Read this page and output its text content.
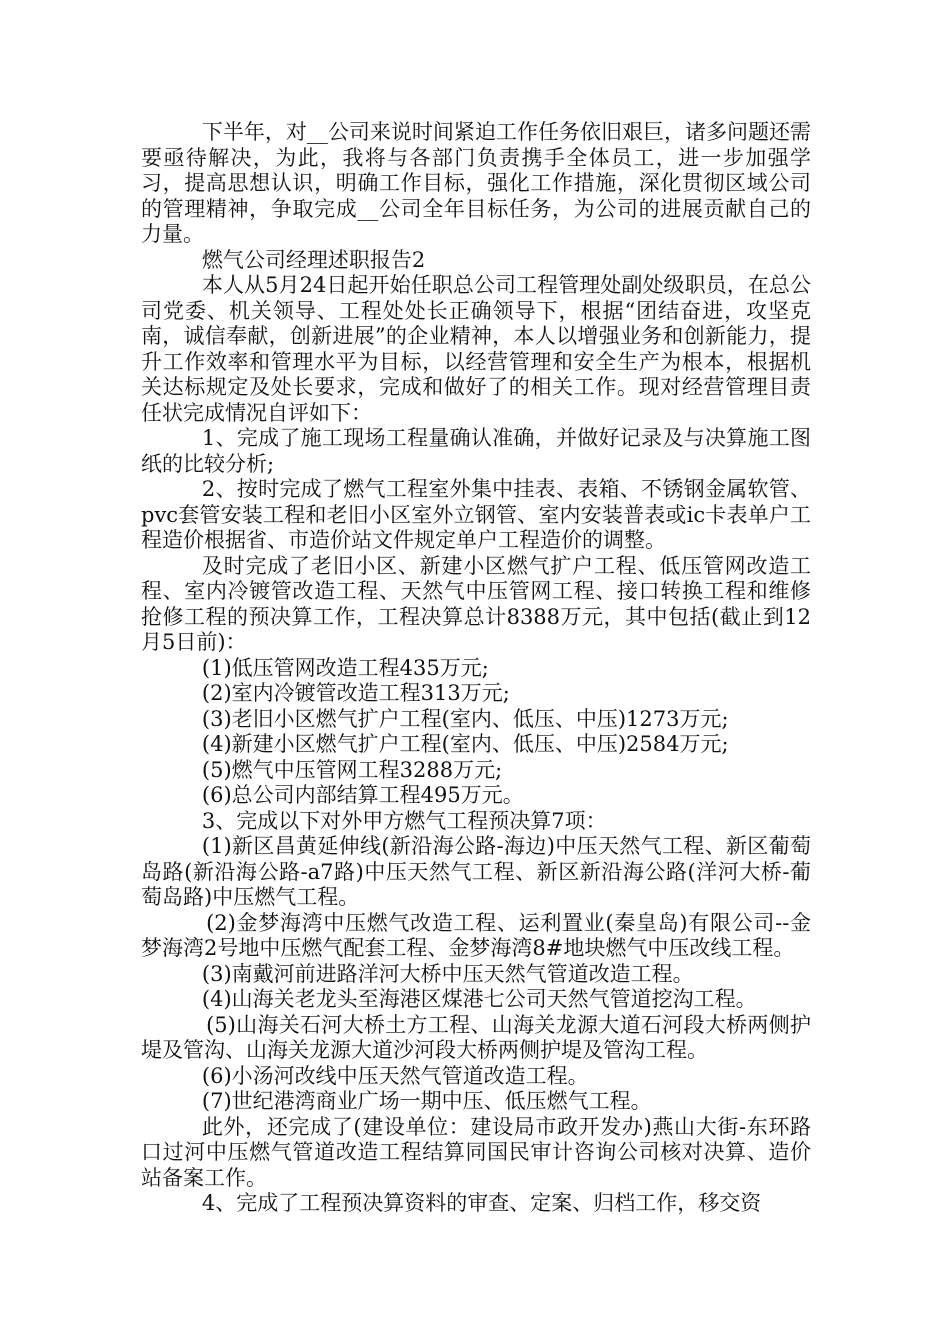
下半年，对__公司来说时间紧迫工作任务依旧艰巨，诸多问题还需要亟待解决，为此，我将与各部门负责携手全体员工，进一步加强学习，提高思想认识，明确工作目标，强化工作措施，深化贯彻区域公司的管理精神，争取完成__公司全年目标任务，为公司的进展贡献自己的力量。

燃气公司经理述职报告2

本人从5月24日起开始任职总公司工程管理处副处级职员，在总公司党委、机关领导、工程处处长正确领导下，根据“团结奋进，攻坚克南，诚信奉献，创新进展”的企业精神，本人以增强业务和创新能力，提升工作效率和管理水平为目标，以经营管理和安全生产为根本，根据机关达标规定及处长要求，完成和做好了的相关工作。现对经营管理目责任状完成情况自评如下：

1、完成了施工现场工程量确认准确，并做好记录及与决算施工图纸的比较分析;

2、按时完成了燃气工程室外集中挂表、表箱、不锈钢金属软管、pvc套管安装工程和老旧小区室外立钢管、室内安装普表或ic卡表单户工程造价根据省、市造价站文件规定单户工程造价的调整。

及时完成了老旧小区、新建小区燃气扩户工程、低压管网改造工程、室内冷镀管改造工程、天然气中压管网工程、接口转换工程和维修抢修工程的预决算工作，工程决算总计8388万元，其中包括(截止到12月5日前)：

(1)低压管网改造工程435万元;

(2)室内冷镀管改造工程313万元;

(3)老旧小区燃气扩户工程(室内、低压、中压)1273万元;

(4)新建小区燃气扩户工程(室内、低压、中压)2584万元;

(5)燃气中压管网工程3288万元;

(6)总公司内部结算工程495万元。

3、完成以下对外甲方燃气工程预决算7项：

(1)新区昌黄延伸线(新沿海公路-海边)中压天然气工程、新区葡萄岛路(新沿海公路-a7路)中压天然气工程、新区新沿海公路(洋河大桥-葡萄岛路)中压燃气工程。

(2)金梦海湾中压燃气改造工程、运利置业(秦皇岛)有限公司--金梦海湾2号地中压燃气配套工程、金梦海湾8#地块燃气中压改线工程。

(3)南戴河前进路洋河大桥中压天然气管道改造工程。

(4)山海关老龙头至海港区煤港七公司天然气管道挖沟工程。

(5)山海关石河大桥土方工程、山海关龙源大道石河段大桥两侧护堤及管沟、山海关龙源大道沙河段大桥两侧护堤及管沟工程。

(6)小汤河改线中压天然气管道改造工程。

(7)世纪港湾商业广场一期中压、低压燃气工程。

此外，还完成了(建设单位：建设局市政开发办)燕山大街-东环路口过河中压燃气管道改造工程结算同国民审计咨询公司核对决算、造价站备案工作。

4、完成了工程预决算资料的审查、定案、归档工作，移交资
